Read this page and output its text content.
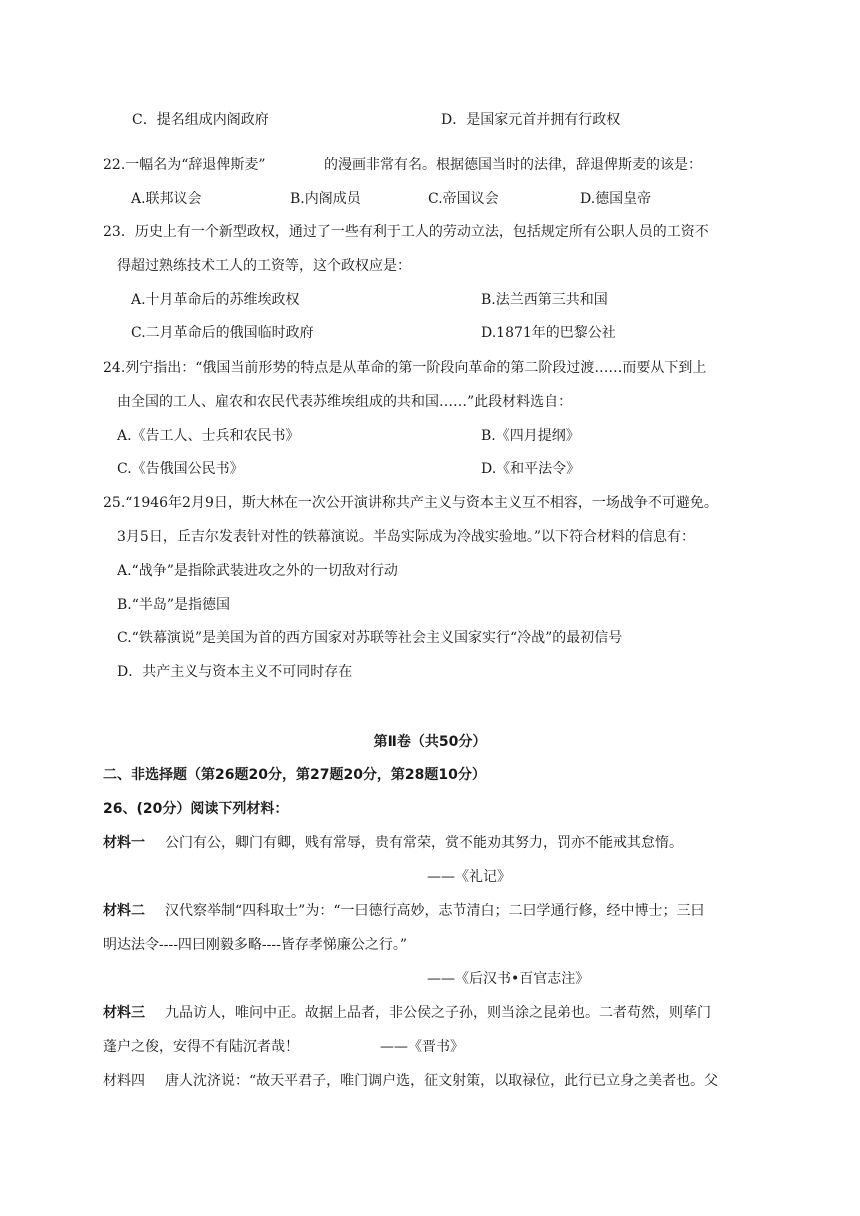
C．提名组成内阁政府	D．是国家元首并拥有行政权
22.一幅名为“辞退俾斯麦”	的漫画非常有名。根据德国当时的法律，辞退俾斯麦的该是：
A.联邦议会	B.内阁成员	C.帝国议会	D.德国皇帝
23．历史上有一个新型政权，通过了一些有利于工人的劳动立法，包括规定所有公职人员的工资不
得超过熟练技术工人的工资等，这个政权应是：
A.十月革命后的苏维埃政权	B.法兰西第三共和国
C.二月革命后的俄国临时政府	D.1871年的巴黎公社
24.列宁指出：“俄国当前形势的特点是从革命的第一阶段向革命的第二阶段过渡……而要从下到上
由全国的工人、雇农和农民代表苏维埃组成的共和国……”此段材料选自：
A.《告工人、士兵和农民书》	B.《四月提纲》
C.《告俄国公民书》	D.《和平法令》
25.“1946年2月9日，斯大林在一次公开演讲称共产主义与资本主义互不相容，一场战争不可避免。
3月5日，丘吉尔发表针对性的铁幕演说。半岛实际成为冷战实验地。”以下符合材料的信息有：
A.“战争”是指除武装进攻之外的一切敌对行动
B.“半岛”是指德国
C.“铁幕演说”是美国为首的西方国家对苏联等社会主义国家实行“冷战”的最初信号
D．共产主义与资本主义不可同时存在
第Ⅱ卷（共50分）
二、非选择题（第26题20分，第27题20分，第28题10分）
26、(20分）阅读下列材料：
材料一 公门有公，卿门有卿，贱有常辱，贵有常荣，赏不能劝其努力，罚亦不能戒其怠惰。
——《礼记》
材料二 汉代察举制“四科取士”为：“一曰德行高妙，志节清白；二曰学通行修，经中博士；三曰
明达法令----四曰刚毅多略----皆存孝悌廉公之行。”
——《后汉书•百官志注》
材料三 九品访人，唯问中正。故据上品者，非公侯之子孙，则当涂之昆弟也。二者苟然，则荜门
蓬户之俊，安得不有陆沉者哉！	——《晋书》
材料四 唐人沈济说：“故天平君子，唯门调户选，征文射策，以取禄位，此行已立身之美者也。父
